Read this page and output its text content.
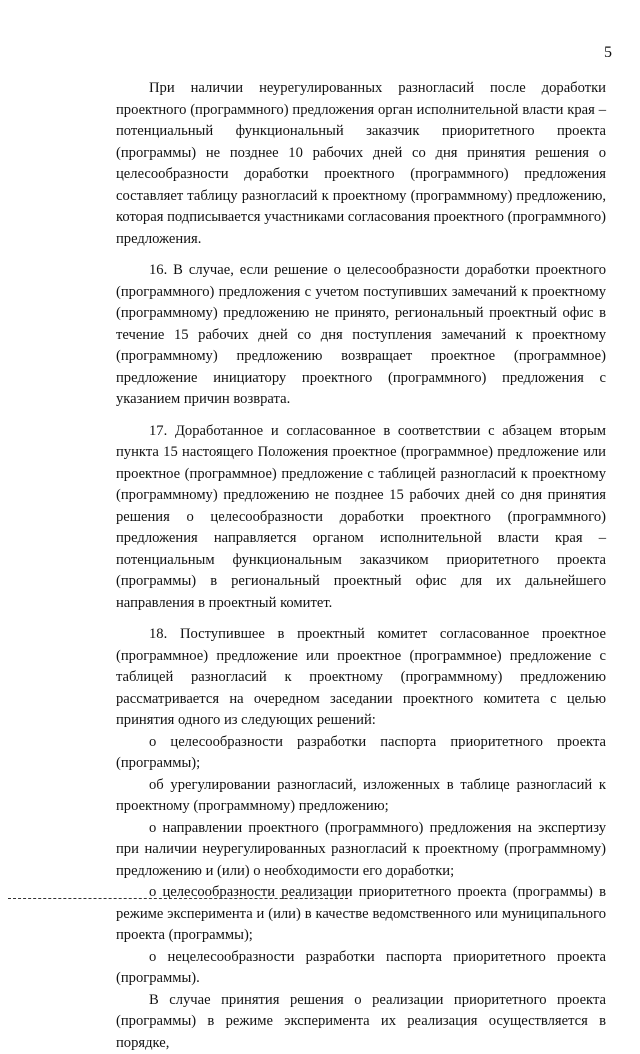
5

При наличии неурегулированных разногласий после доработки проектного (программного) предложения орган исполнительной власти края – потенциальный функциональный заказчик приоритетного проекта (программы) не позднее 10 рабочих дней со дня принятия решения о целесообразности доработки проектного (программного) предложения составляет таблицу разногласий к проектному (программному) предложению, которая подписывается участниками согласования проектного (программного) предложения.

16. В случае, если решение о целесообразности доработки проектного (программного) предложения с учетом поступивших замечаний к проектному (программному) предложению не принято, региональный проектный офис в течение 15 рабочих дней со дня поступления замечаний к проектному (программному) предложению возвращает проектное (программное) предложение инициатору проектного (программного) предложения с указанием причин возврата.

17. Доработанное и согласованное в соответствии с абзацем вторым пункта 15 настоящего Положения проектное (программное) предложение или проектное (программное) предложение с таблицей разногласий к проектному (программному) предложению не позднее 15 рабочих дней со дня принятия решения о целесообразности доработки проектного (программного) предложения направляется органом исполнительной власти края – потенциальным функциональным заказчиком приоритетного проекта (программы) в региональный проектный офис для их дальнейшего направления в проектный комитет.

18. Поступившее в проектный комитет согласованное проектное (программное) предложение или проектное (программное) предложение с таблицей разногласий к проектному (программному) предложению рассматривается на очередном заседании проектного комитета с целью принятия одного из следующих решений:

о целесообразности разработки паспорта приоритетного проекта (программы);

об урегулировании разногласий, изложенных в таблице разногласий к проектному (программному) предложению;

о направлении проектного (программного) предложения на экспертизу при наличии неурегулированных разногласий к проектному (программному) предложению и (или) о необходимости его доработки;

о целесообразности реализации приоритетного проекта (программы) в режиме эксперимента и (или) в качестве ведомственного или муниципального проекта (программы);

о нецелесообразности разработки паспорта приоритетного проекта (программы).

В случае принятия решения о реализации приоритетного проекта (программы) в режиме эксперимента их реализация осуществляется в порядке,
